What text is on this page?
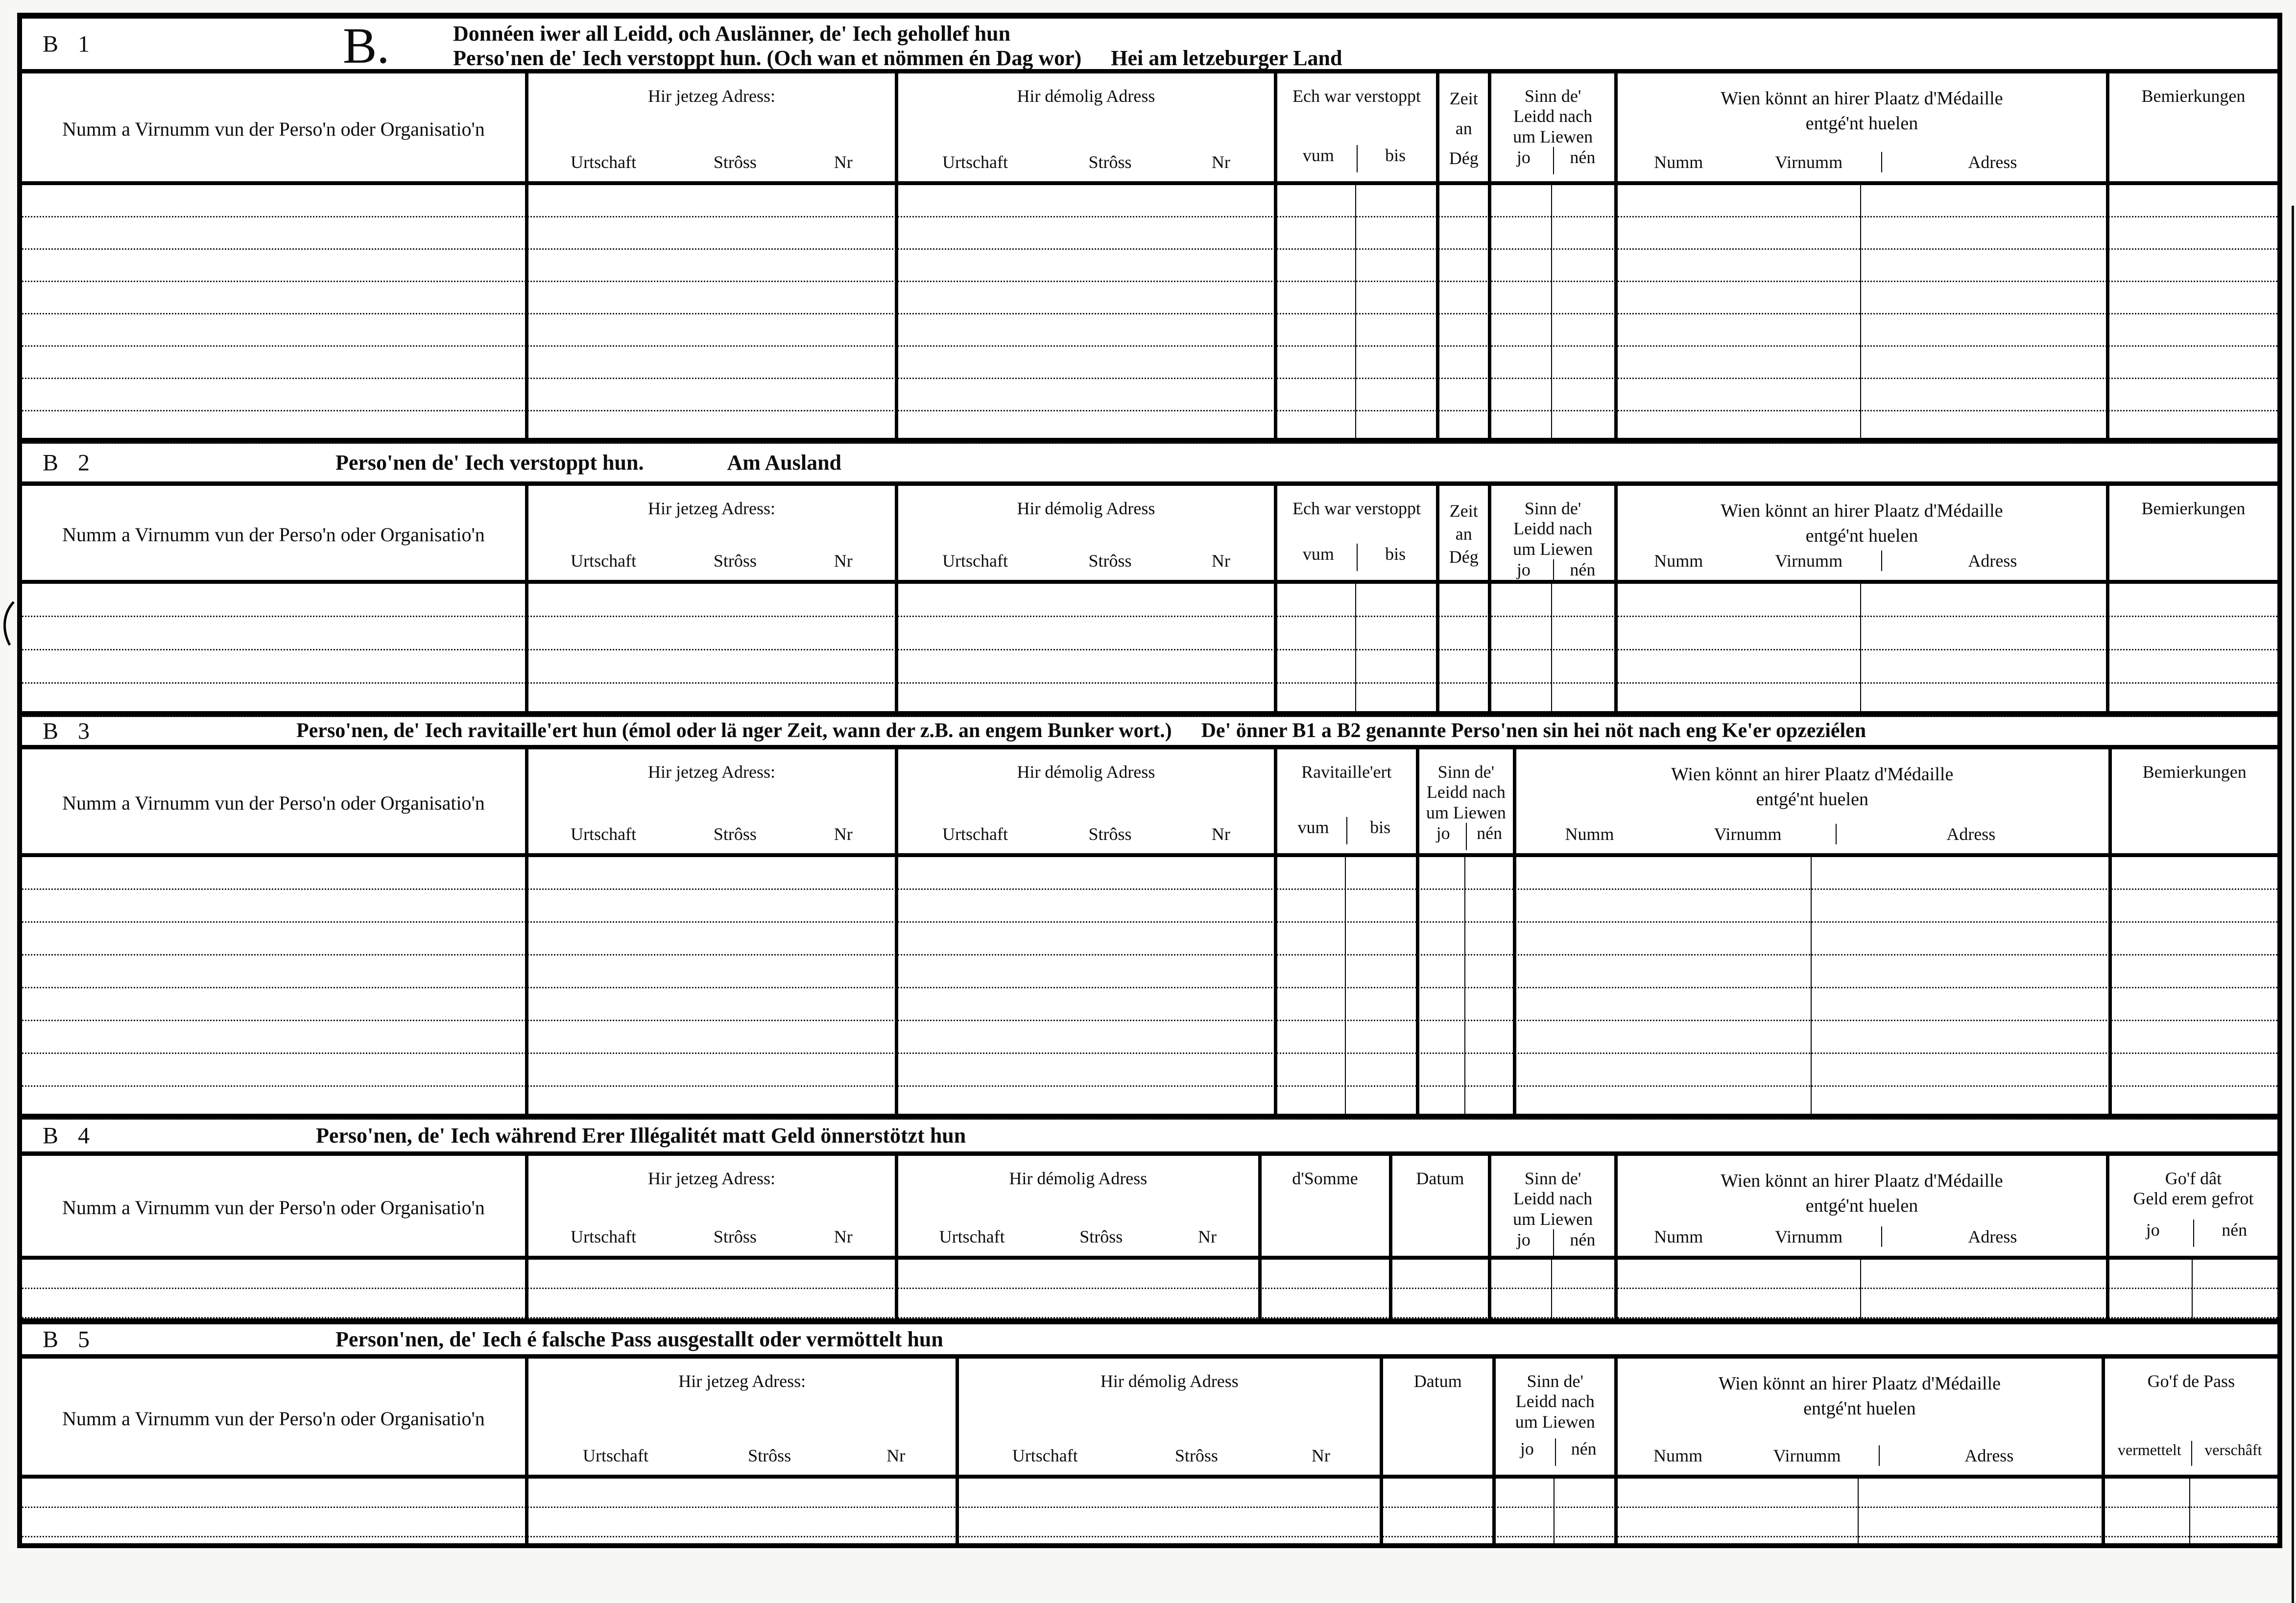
B 1	B.	Donnéen iwer all Leidd, och Auslänner, de' Iech gehollef hun
Perso'nen de' Iech verstoppt hun. (Och wan et nömmen én Dag wor) Hei am letzeburger Land
Numm a Virnumm vun der Perso'n oder Organisatio'n
Hir jetzeg Adress:
Urtschaft	Strôss	Nr
Hir démolig Adress
Urtschaft	Strôss	Nr
Ech war verstoppt
vum	bis
Zeit
an
Dég
Sinn de'
Leidd nach
um Liewen
jo	nén
Wien könnt an hirer Plaatz d'Médaille
entgé'nt huelen
Numm	Virnumm	Adress
Bemierkungen
B 2	Perso'nen de' Iech verstoppt hun.	Am Ausland
Numm a Virnumm vun der Perso'n oder Organisatio'n
Hir jetzeg Adress:
Urtschaft	Strôss	Nr
Hir démolig Adress
Urtschaft	Strôss	Nr
Ech war verstoppt
vum	bis
Zeit
an
Dég
Sinn de'
Leidd nach
um Liewen
jo	nén
Wien könnt an hirer Plaatz d'Médaille
entgé'nt huelen
Numm	Virnumm	Adress
Bemierkungen
B 3	Perso'nen, de' Iech ravitaille'ert hun (émol oder lä nger Zeit, wann der z.B. an engem Bunker wort.) De' önner B1 a B2 genannte Perso'nen sin hei nöt nach eng Ke'er opzeziélen
Numm a Virnumm vun der Perso'n oder Organisatio'n
Hir jetzeg Adress:
Urtschaft	Strôss	Nr
Hir démolig Adress
Urtschaft	Strôss	Nr
Ravitaille'ert
vum	bis
Sinn de'
Leidd nach
um Liewen
jo	nén
Wien könnt an hirer Plaatz d'Médaille
entgé'nt huelen
Numm	Virnumm	Adress
Bemierkungen
B 4	Perso'nen, de' Iech während Erer Illégalitét matt Geld önnerstötzt hun
Numm a Virnumm vun der Perso'n oder Organisatio'n
Hir jetzeg Adress:
Urtschaft	Strôss	Nr
Hir démolig Adress
Urtschaft	Strôss	Nr
d'Somme	Datum	Sinn de'
Leidd nach
um Liewen
jo	nén
Wien könnt an hirer Plaatz d'Médaille
entgé'nt huelen
Numm	Virnumm	Adress
Go'f dât
Geld erem gefrot
jo	nén
B 5	Person'nen, de' Iech é falsche Pass ausgestallt oder vermöttelt hun
Numm a Virnumm vun der Perso'n oder Organisatio'n
Hir jetzeg Adress:
Urtschaft	Strôss	Nr
Hir démolig Adress
Urtschaft	Strôss	Nr
Datum	Sinn de'
Leidd nach
um Liewen
jo	nén
Wien könnt an hirer Plaatz d'Médaille
entgé'nt huelen
Numm	Virnumm	Adress
Go'f de Pass
vermettelt	verschâft
